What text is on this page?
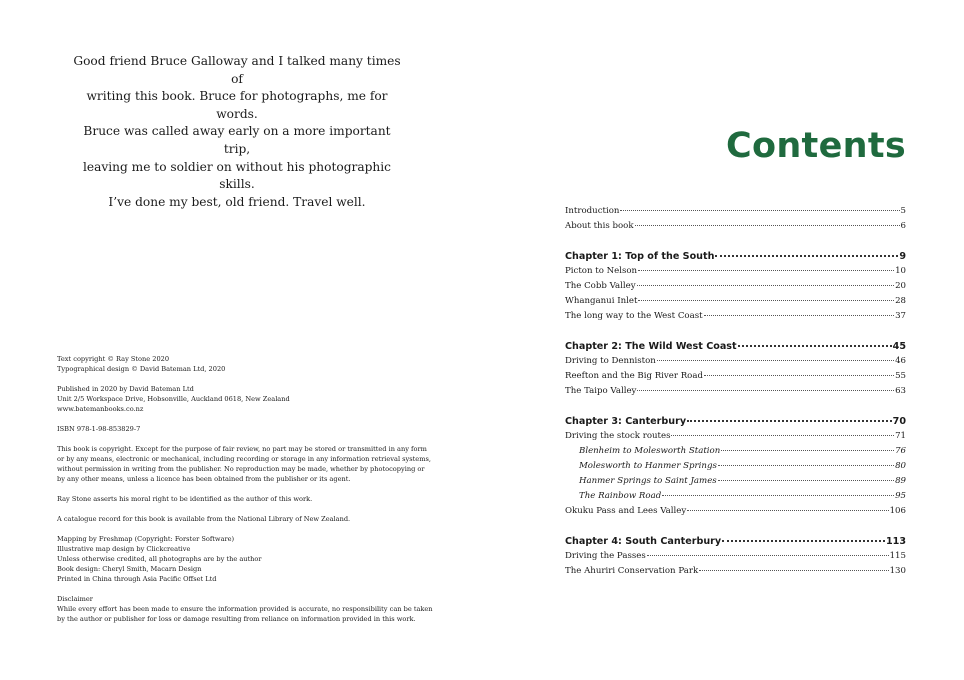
Good friend Bruce Galloway and I talked many times of
writing this book. Bruce for photographs, me for words.
Bruce was called away early on a more important trip,
leaving me to soldier on without his photographic skills.
I’ve done my best, old friend. Travel well.
Text copyright © Ray Stone 2020
Typographical design © David Bateman Ltd, 2020
Published in 2020 by David Bateman Ltd
Unit 2/5 Workspace Drive, Hobsonville, Auckland 0618, New Zealand
www.batemanbooks.co.nz
ISBN 978-1-98-853829-7
This book is copyright. Except for the purpose of fair review, no part may be stored or transmitted in any form
or by any means, electronic or mechanical, including recording or storage in any information retrieval systems,
without permission in writing from the publisher. No reproduction may be made, whether by photocopying or
by any other means, unless a licence has been obtained from the publisher or its agent.
Ray Stone asserts his moral right to be identified as the author of this work.
A catalogue record for this book is available from the National Library of New Zealand.
Mapping by Freshmap (Copyright: Forster Software)
Illustrative map design by Clickcreative
Unless otherwise credited, all photographs are by the author
Book design: Cheryl Smith, Macarn Design
Printed in China through Asia Pacific Offset Ltd
Disclaimer
While every effort has been made to ensure the information provided is accurate, no responsibility can be taken
by the author or publisher for loss or damage resulting from reliance on information provided in this work.
Contents
Introduction	5
About this book	6
Chapter 1: Top of the South	9
Picton to Nelson	10
The Cobb Valley	20
Whanganui Inlet	28
The long way to the West Coast	37
Chapter 2: The Wild West Coast	45
Driving to Denniston	46
Reefton and the Big River Road	55
The Taipo Valley	63
Chapter 3: Canterbury	70
Driving the stock routes	71
Blenheim to Molesworth Station	76
Molesworth to Hanmer Springs	80
Hanmer Springs to Saint James	89
The Rainbow Road	95
Okuku Pass and Lees Valley	106
Chapter 4: South Canterbury	113
Driving the Passes	115
The Ahuriri Conservation Park	130
